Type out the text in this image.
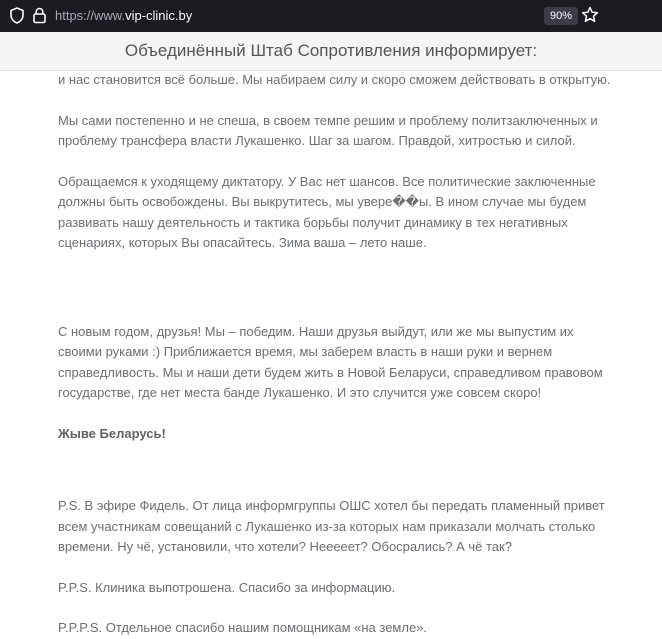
https://www.vip-clinic.by	90%
Объединённый Штаб Сопротивления информирует:

и нас становится всё больше. Мы набираем силу и скоро сможем действовать в открытую.

Мы сами постепенно и не спеша, в своем темпе решим и проблему политзаключенных и проблему трансфера власти Лукашенко. Шаг за шагом. Правдой, хитростью и силой.

Обращаемся к уходящему диктатору. У Вас нет шансов. Все политические заключенные должны быть освобождены. Вы выкрутитесь, мы увере��ы. В ином случае мы будем развивать нашу деятельность и тактика борьбы получит динамику в тех негативных сценариях, которых Вы опасайтесь. Зима ваша – лето наше.

С новым годом, друзья! Мы – победим. Наши друзья выйдут, или же мы выпустим их своими руками :) Приближается время, мы заберем власть в наши руки и вернем справедливость. Мы и наши дети будем жить в Новой Беларуси, справедливом правовом государстве, где нет места банде Лукашенко. И это случится уже совсем скоро!

Жыве Беларусь!

P.S. В эфире Фидель. От лица информгруппы ОШС хотел бы передать пламенный привет всем участникам совещаний с Лукашенко из-за которых нам приказали молчать столько времени. Ну чё, установили, что хотели? Нееееет? Обосрались? А чё так?

P.P.S. Клиника выпотрошена. Спасибо за информацию.

P.P.P.S. Отдельное спасибо нашим помощникам «на земле».
